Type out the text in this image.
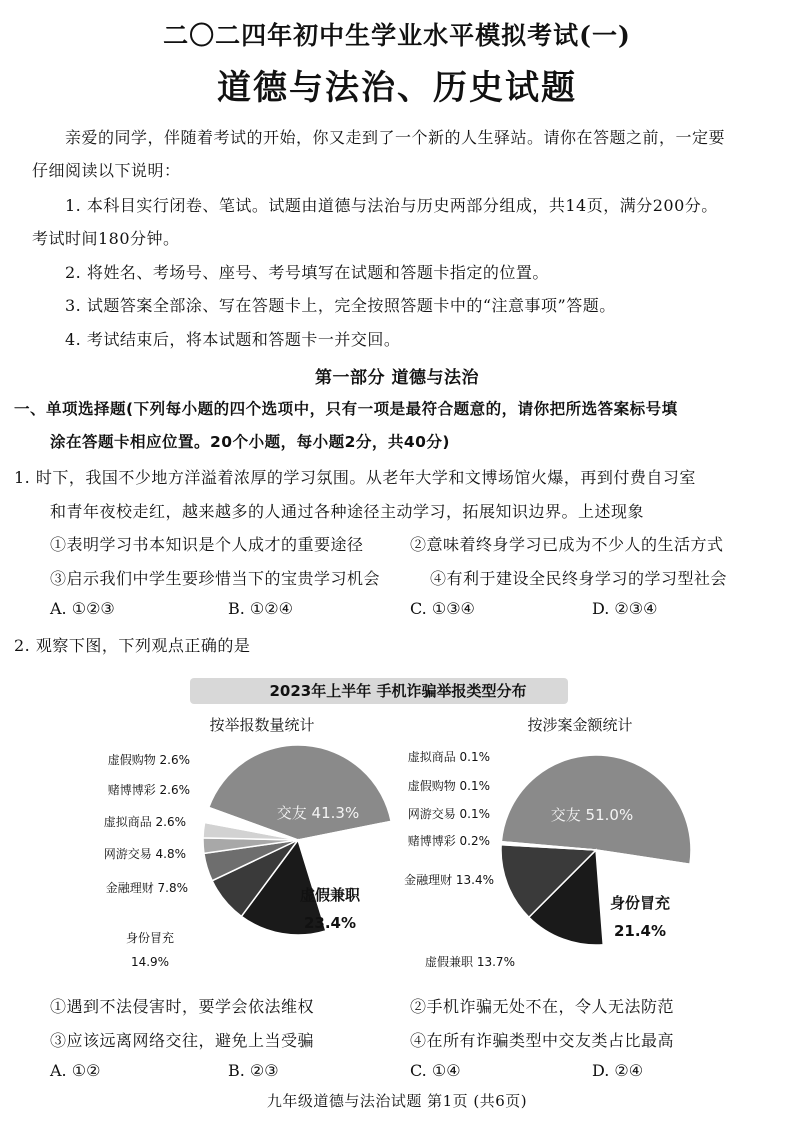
二〇二四年初中生学业水平模拟考试(一)
道德与法治、历史试题
亲爱的同学，伴随着考试的开始，你又走到了一个新的人生驿站。请你在答题之前，一定要
仔细阅读以下说明：
1. 本科目实行闭卷、笔试。试题由道德与法治与历史两部分组成，共14页，满分200分。
考试时间180分钟。
2. 将姓名、考场号、座号、考号填写在试题和答题卡指定的位置。
3. 试题答案全部涂、写在答题卡上，完全按照答题卡中的“注意事项”答题。
4. 考试结束后，将本试题和答题卡一并交回。
第一部分 道德与法治
一、单项选择题(下列每小题的四个选项中，只有一项是最符合题意的，请你把所选答案标号填
涂在答题卡相应位置。20个小题，每小题2分，共40分)
1. 时下，我国不少地方洋溢着浓厚的学习氛围。从老年大学和文博场馆火爆，再到付费自习室
和青年夜校走红，越来越多的人通过各种途径主动学习，拓展知识边界。上述现象
①表明学习书本知识是个人成才的重要途径	②意味着终身学习已成为不少人的生活方式
③启示我们中学生要珍惜当下的宝贵学习机会	④有利于建设全民终身学习的学习型社会
A. ①②③	B. ①②④	C. ①③④	D. ②③④
2. 观察下图，下列观点正确的是
2023年上半年 手机诈骗举报类型分布
按举报数量统计	按涉案金额统计
交友 41.3%
虚假兼职
23.4%
身份冒充
14.9%
金融理财 7.8%
网游交易 4.8%
虚拟商品 2.6%
赌博博彩 2.6%
虚假购物 2.6%
交友 51.0%
身份冒充
21.4%
虚假兼职 13.7%
金融理财 13.4%
赌博博彩 0.2%
网游交易 0.1%
虚假购物 0.1%
虚拟商品 0.1%
①遇到不法侵害时，要学会依法维权	②手机诈骗无处不在，令人无法防范
③应该远离网络交往，避免上当受骗	④在所有诈骗类型中交友类占比最高
A. ①②	B. ②③	C. ①④	D. ②④
九年级道德与法治试题 第1页 (共6页)
